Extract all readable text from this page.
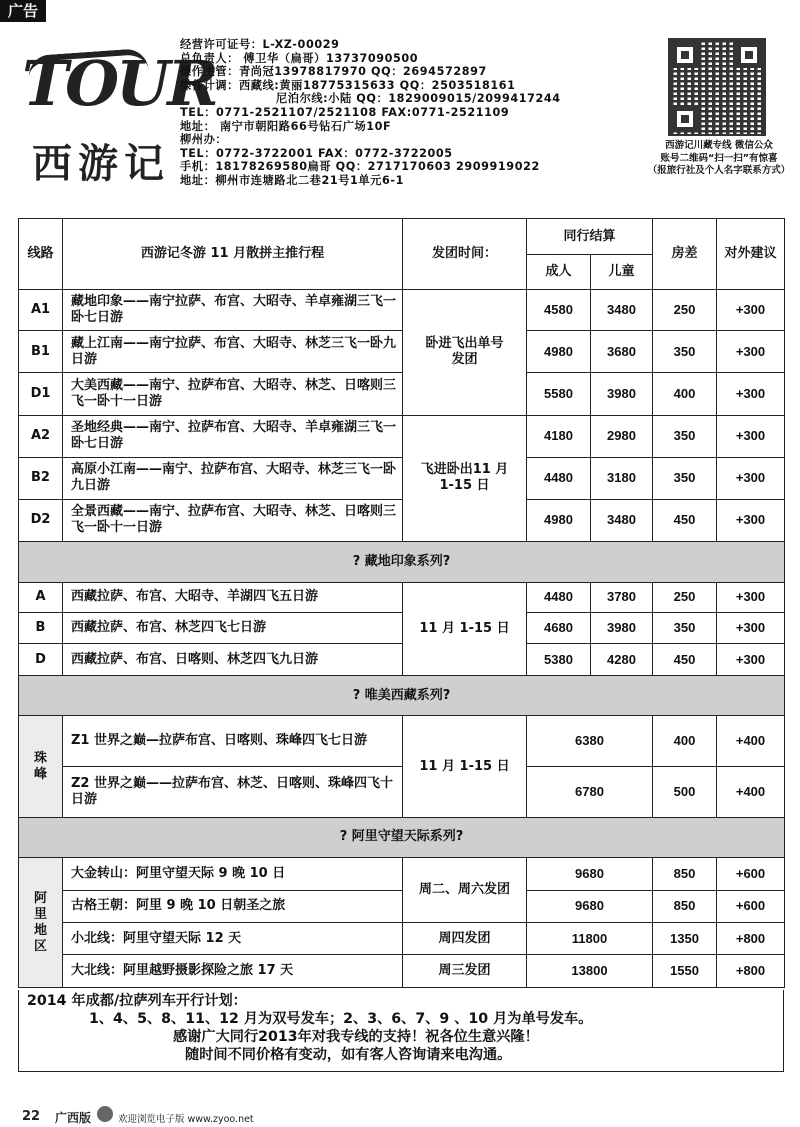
广告
TOUR
西游记
经营许可证号：L-XZ-00029
总负责人： 傅卫华（扁哥）13737090500
操作主管：青尚冠13978817970 QQ：2694572897
操作计调：西藏线:黄丽18775315633 QQ：2503518161
尼泊尔线:小陆 QQ：1829009015/2099417244
TEL：0771-2521107/2521108 FAX:0771-2521109
地址： 南宁市朝阳路66号钻石广场10F
柳州办：
TEL：0772-3722001 FAX：0772-3722005
手机：18178269580扁哥 QQ：2717170603 2909919022
地址：柳州市连塘路北二巷21号1单元6-1
西游记川藏专线 微信公众
账号二维码“扫一扫”有惊喜
（报旅行社及个人名字联系方式）
线路	西游记冬游 11 月散拼主推行程	发团时间：	同行结算		房差	对外建议
			成人	儿童		
A1	藏地印象——南宁拉萨、布宫、大昭寺、羊卓雍湖三飞一卧七日游	卧进飞出单号发团	4580	3480	250	+300
B1	藏上江南——南宁拉萨、布宫、大昭寺、林芝三飞一卧九日游		4980	3680	350	+300
D1	大美西藏——南宁、拉萨布宫、大昭寺、林芝、日喀则三飞一卧十一日游		5580	3980	400	+300
A2	圣地经典——南宁、拉萨布宫、大昭寺、羊卓雍湖三飞一卧七日游	飞进卧出11 月 1-15 日	4180	2980	350	+300
B2	高原小江南——南宁、拉萨布宫、大昭寺、林芝三飞一卧九日游		4480	3180	350	+300
D2	全景西藏——南宁、拉萨布宫、大昭寺、林芝、日喀则三飞一卧十一日游		4980	3480	450	+300
? 藏地印象系列?						
A	西藏拉萨、布宫、大昭寺、羊湖四飞五日游	11 月 1-15 日	4480	3780	250	+300
B	西藏拉萨、布宫、林芝四飞七日游		4680	3980	350	+300
D	西藏拉萨、布宫、日喀则、林芝四飞九日游		5380	4280	450	+300
? 唯美西藏系列?						
珠峰	Z1 世界之巅—拉萨布宫、日喀则、珠峰四飞七日游	11 月 1-15 日	6380		400	+400
	Z2 世界之巅——拉萨布宫、林芝、日喀则、珠峰四飞十日游		6780		500	+400
? 阿里守望天际系列?						
阿里地区	大金转山：阿里守望天际 9 晚 10 日	周二、周六发团	9680		850	+600
	古格王朝：阿里 9 晚 10 日朝圣之旅		9680		850	+600
	小北线：阿里守望天际 12 天	周四发团	11800		1350	+800
	大北线：阿里越野摄影探险之旅 17 天	周三发团	13800		1550	+800
2014 年成都/拉萨列车开行计划：
1、4、5、8、11、12 月为双号发车；2、3、6、7、9 、10 月为单号发车。
感谢广大同行2013年对我专线的支持！祝各位生意兴隆！
随时间不同价格有变动，如有客人咨询请来电沟通。
22 广西版	欢迎浏览电子版 www.zyoo.net
